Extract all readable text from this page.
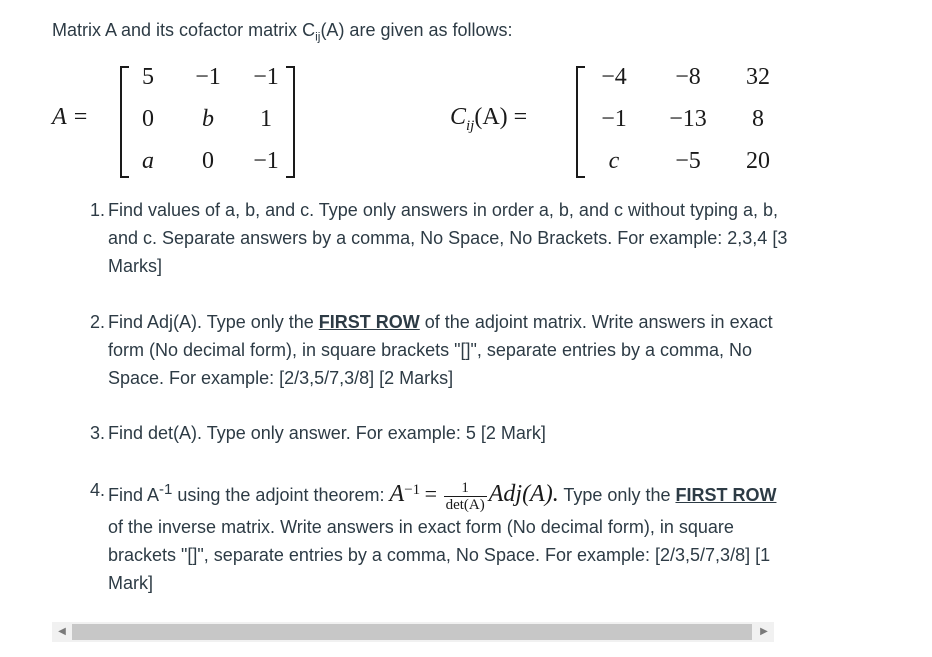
Matrix A and its cofactor matrix $C_{ij}(A)$ are given as follows:
A =
5	−1	−1
0	b	1
a	0	−1
$C_{ij}(A)$ =
−4	−8	32
−1	−13	8
c	−5	20
1. Find values of a, b, and c. Type only answers in order a, b, and c without typing a, b, and c. Separate answers by a comma, No Space, No Brackets. For example: 2,3,4 [3 Marks]
2. Find Adj(A). Type only the FIRST ROW of the adjoint matrix. Write answers in exact form (No decimal form), in square brackets "[]", separate entries by a comma, No Space. For example: [2/3,5/7,3/8] [2 Marks]
3. Find det(A). Type only answer. For example: 5 [2 Mark]
4. Find $A^{-1}$ using the adjoint theorem: $A^{-1} = \frac{1}{\det(A)} Adj(A)$. Type only the FIRST ROW of the inverse matrix. Write answers in exact form (No decimal form), in square brackets "[]", separate entries by a comma, No Space. For example: [2/3,5/7,3/8] [1 Mark]
◀	▶
